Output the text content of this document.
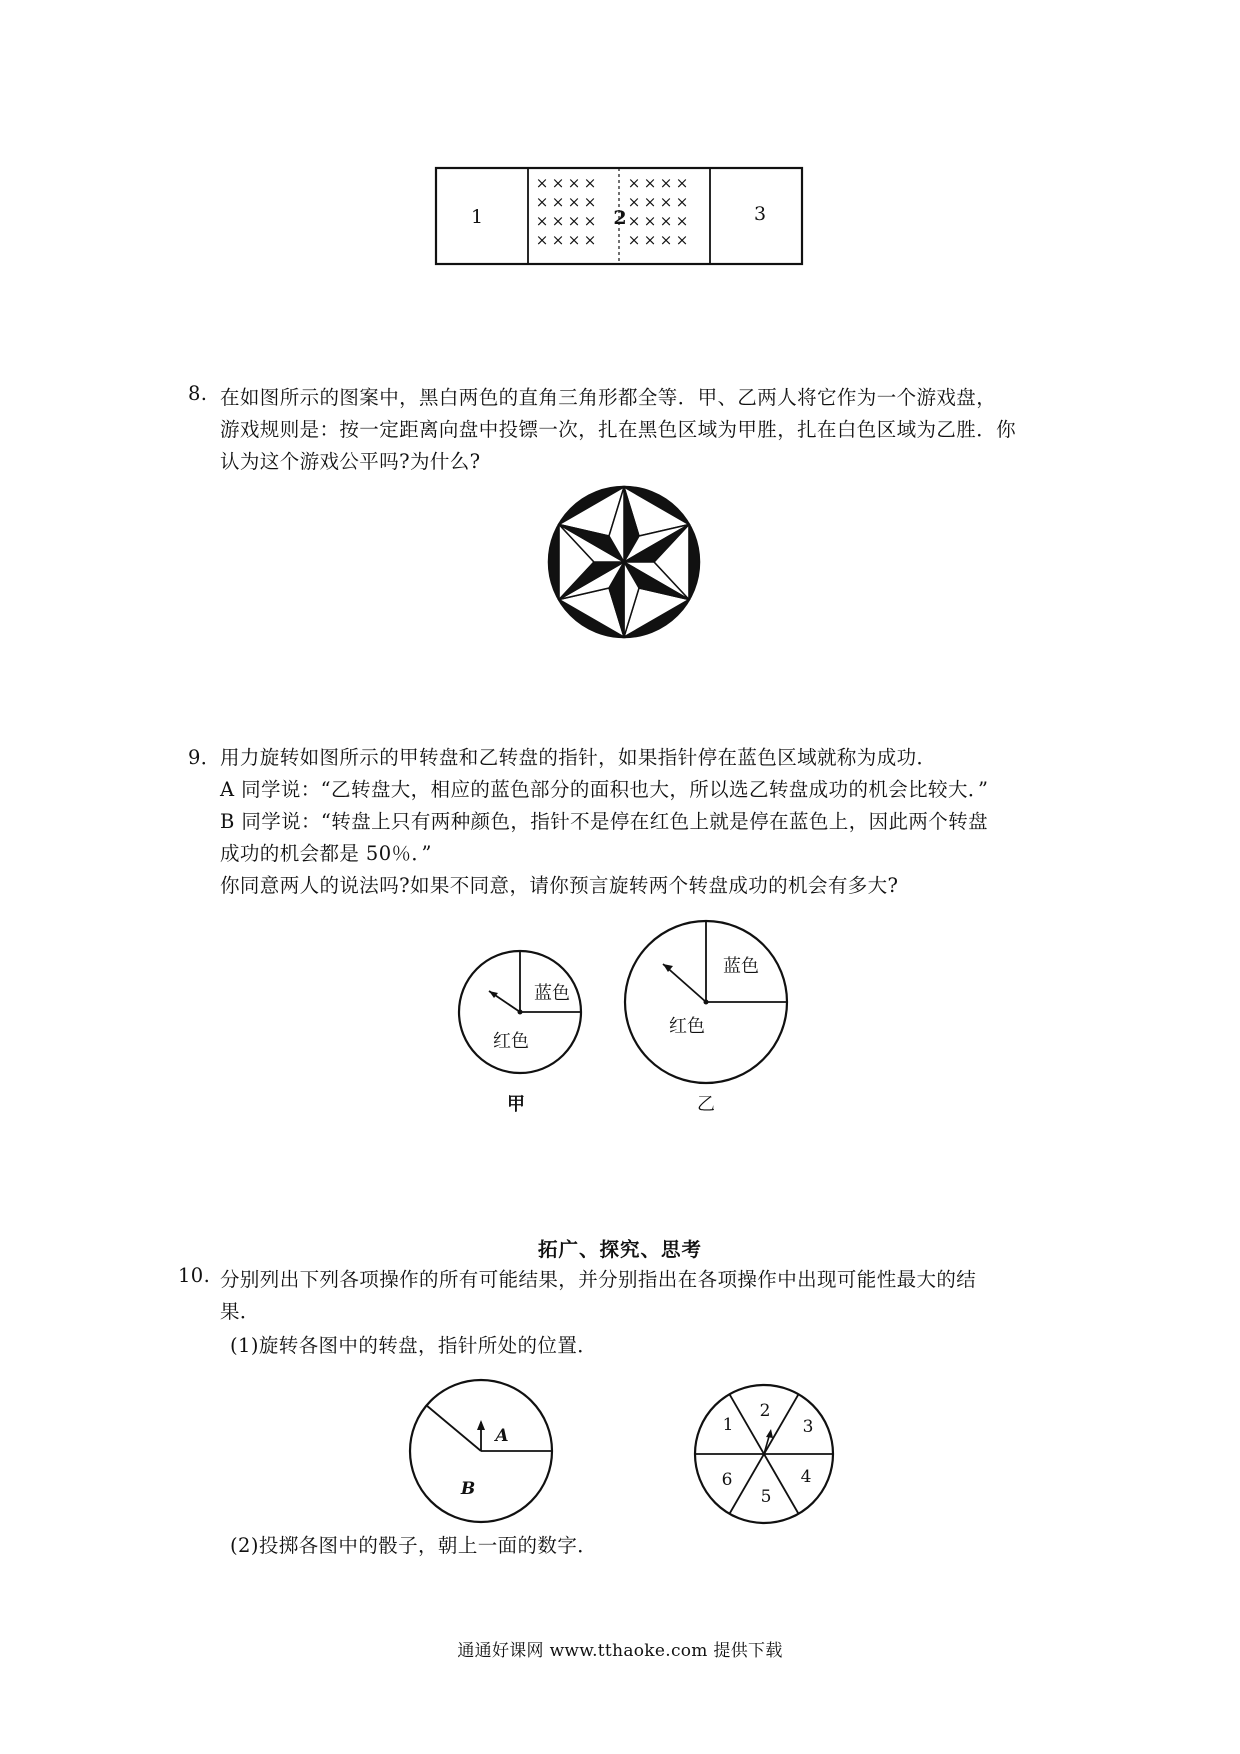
× × × × × × × ×
× × × × × × × ×
× × × × × × × ×
× × × × × × × ×
1	2	3
8. 在如图所示的图案中，黑白两色的直角三角形都全等．甲、乙两人将它作为一个游戏盘，
游戏规则是：按一定距离向盘中投镖一次，扎在黑色区域为甲胜，扎在白色区域为乙胜．你
认为这个游戏公平吗?为什么?
9． 用力旋转如图所示的甲转盘和乙转盘的指针，如果指针停在蓝色区域就称为成功．
A 同学说：“乙转盘大，相应的蓝色部分的面积也大，所以选乙转盘成功的机会比较大．”
B 同学说：“转盘上只有两种颜色，指针不是停在红色上就是停在蓝色上，因此两个转盘
成功的机会都是 50％．”
你同意两人的说法吗?如果不同意，请你预言旋转两个转盘成功的机会有多大?
蓝色
红色
甲
蓝色
红色
乙
拓广、探究、思考
10. 分别列出下列各项操作的所有可能结果，并分别指出在各项操作中出现可能性最大的结
果．
(1)旋转各图中的转盘，指针所处的位置．
A
B
1
2
3
4
5
6
(2)投掷各图中的骰子，朝上一面的数字．
通通好课网 www.tthaoke.com 提供下载
